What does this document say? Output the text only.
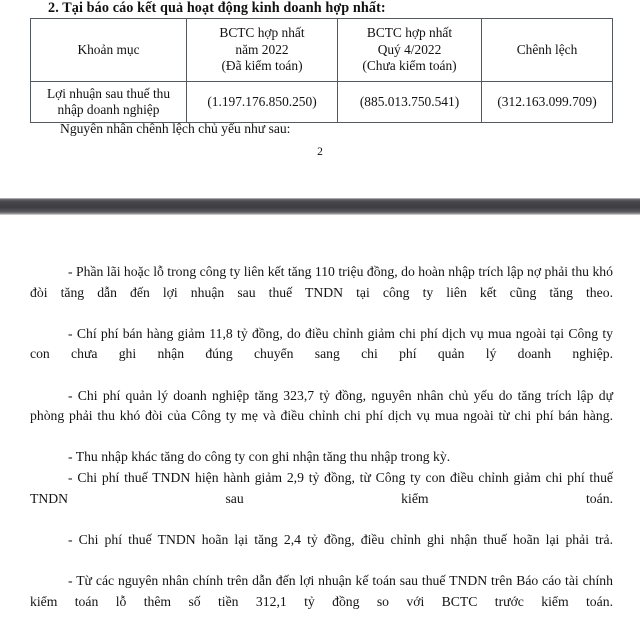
2. Tại báo cáo kết quả hoạt động kinh doanh hợp nhất:
Khoản mục	BCTC hợp nhất
năm 2022
(Đã kiểm toán)	BCTC hợp nhất
Quý 4/2022
(Chưa kiểm toán)	Chênh lệch
Lợi nhuận sau thuế thu
nhập doanh nghiệp	(1.197.176.850.250)	(885.013.750.541)	(312.163.099.709)
Nguyên nhân chênh lệch chủ yếu như sau:
2

- Phần lãi hoặc lỗ trong công ty liên kết tăng 110 triệu đồng, do hoàn nhập trích lập nợ phải thu khó đòi tăng dẫn đến lợi nhuận sau thuế TNDN tại công ty liên kết cũng tăng theo.

- Chí phí bán hàng giảm 11,8 tỷ đồng, do điều chỉnh giảm chi phí dịch vụ mua ngoài tại Công ty con chưa ghi nhận đúng chuyển sang chi phí quản lý doanh nghiệp.

- Chi phí quản lý doanh nghiệp tăng 323,7 tỷ đồng, nguyên nhân chủ yếu do tăng trích lập dự phòng phải thu khó đòi của Công ty mẹ và điều chỉnh chi phí dịch vụ mua ngoài từ chi phí bán hàng.

- Thu nhập khác tăng do công ty con ghi nhận tăng thu nhập trong kỳ.

- Chi phí thuế TNDN hiện hành giảm 2,9 tỷ đồng, từ Công ty con điều chỉnh giảm chi phí thuế TNDN sau kiểm toán.

- Chi phí thuế TNDN hoãn lại tăng 2,4 tỷ đồng, điều chỉnh ghi nhận thuế hoãn lại phải trả.

- Từ các nguyên nhân chính trên dẫn đến lợi nhuận kế toán sau thuế TNDN trên Báo cáo tài chính kiểm toán lỗ thêm số tiền 312,1 tỷ đồng so với BCTC trước kiểm toán.
